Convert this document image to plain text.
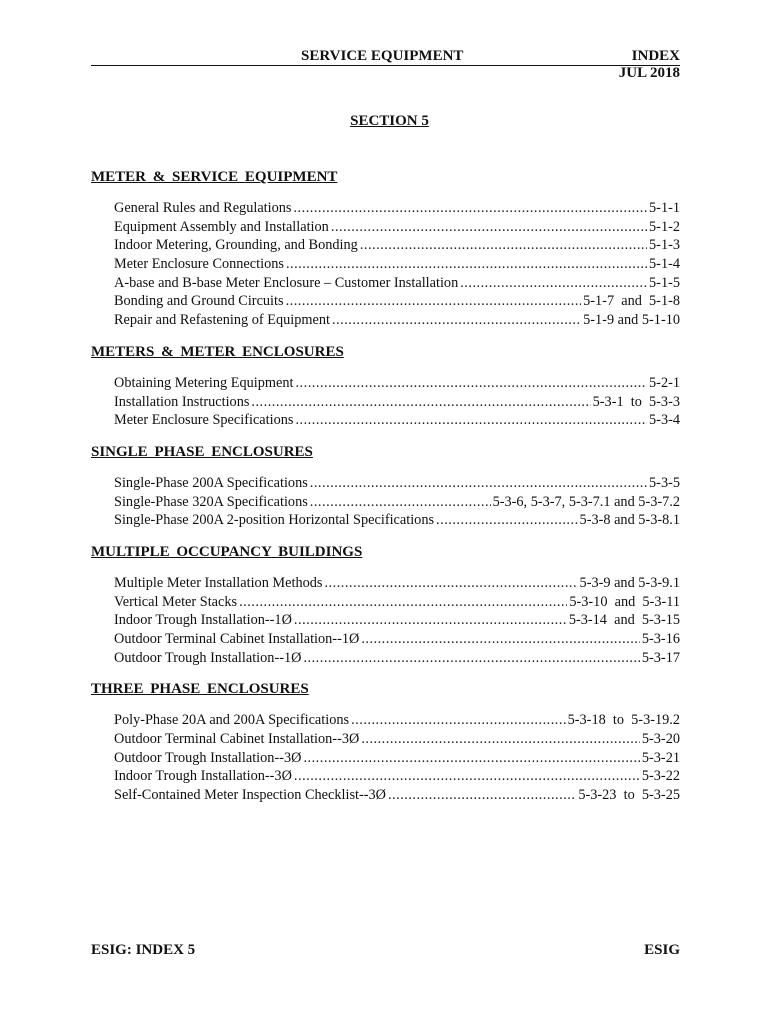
SERVICE EQUIPMENT	INDEX
JUL 2018
SECTION 5
METER & SERVICE EQUIPMENT
General Rules and Regulations .....	5-1-1
Equipment Assembly and Installation .....	5-1-2
Indoor Metering, Grounding, and Bonding .....	5-1-3
Meter Enclosure Connections .....	5-1-4
A-base and B-base Meter Enclosure – Customer Installation .....	5-1-5
Bonding and Ground Circuits .....	5-1-7  and  5-1-8
Repair and Refastening of Equipment .....	5-1-9 and 5-1-10
METERS & METER ENCLOSURES
Obtaining Metering Equipment .....	5-2-1
Installation Instructions .....	5-3-1  to  5-3-3
Meter Enclosure Specifications .....	5-3-4
SINGLE PHASE ENCLOSURES
Single-Phase 200A Specifications .....	5-3-5
Single-Phase 320A Specifications .....	5-3-6, 5-3-7, 5-3-7.1 and 5-3-7.2
Single-Phase 200A 2-position Horizontal Specifications .....	5-3-8 and 5-3-8.1
MULTIPLE OCCUPANCY BUILDINGS
Multiple Meter Installation Methods .....	5-3-9 and 5-3-9.1
Vertical Meter Stacks .....	5-3-10  and  5-3-11
Indoor Trough Installation--1Ø .....	5-3-14  and  5-3-15
Outdoor Terminal Cabinet Installation--1Ø .....	5-3-16
Outdoor Trough Installation--1Ø .....	5-3-17
THREE PHASE ENCLOSURES
Poly-Phase 20A and 200A Specifications .....	5-3-18  to  5-3-19.2
Outdoor Terminal Cabinet Installation--3Ø .....	5-3-20
Outdoor Trough Installation--3Ø .....	5-3-21
Indoor Trough Installation--3Ø .....	5-3-22
Self-Contained Meter Inspection Checklist--3Ø .....	5-3-23  to  5-3-25
ESIG: INDEX 5	ESIG
